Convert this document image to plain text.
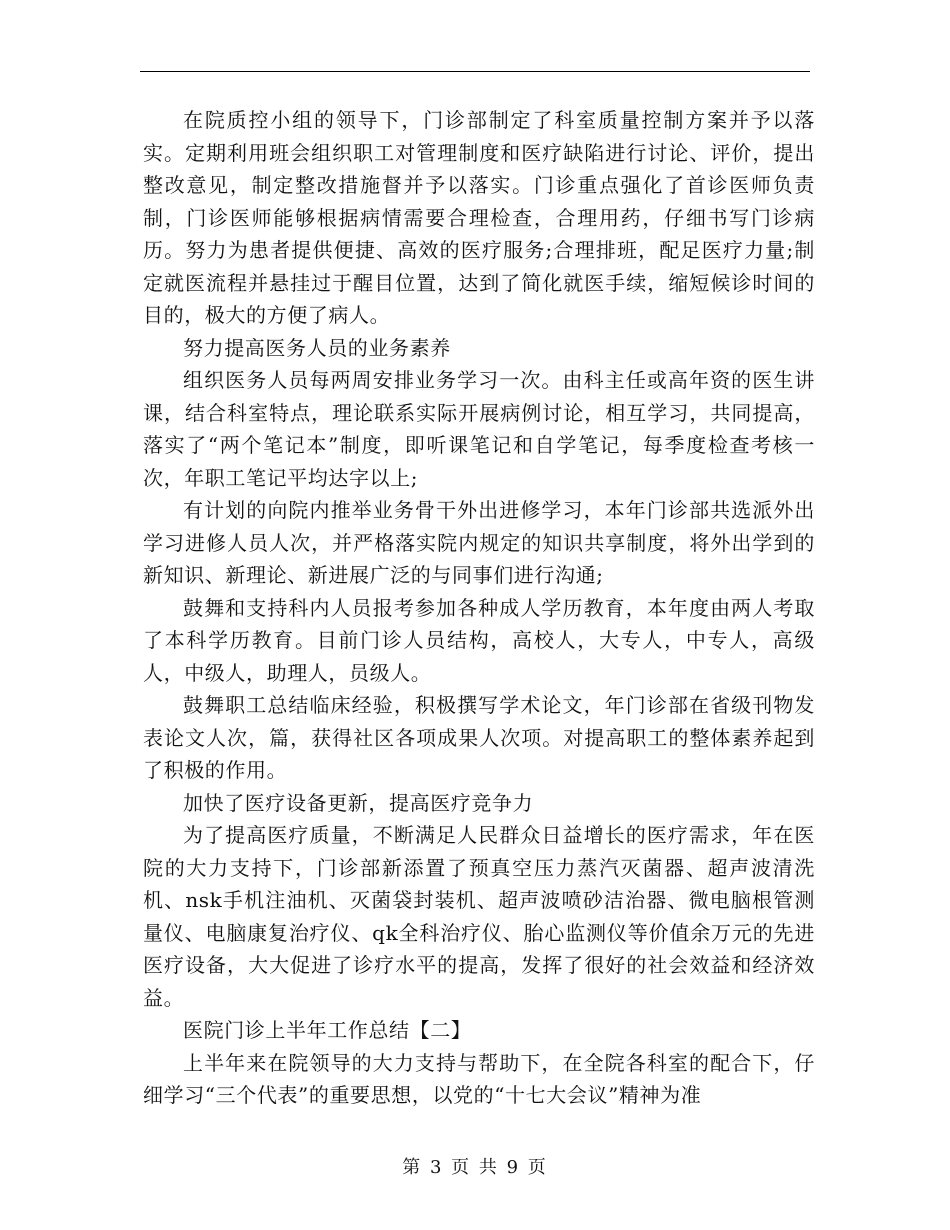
在院质控小组的领导下，门诊部制定了科室质量控制方案并予以落实。定期利用班会组织职工对管理制度和医疗缺陷进行讨论、评价，提出整改意见，制定整改措施督并予以落实。门诊重点强化了首诊医师负责制，门诊医师能够根据病情需要合理检查，合理用药，仔细书写门诊病历。努力为患者提供便捷、高效的医疗服务;合理排班，配足医疗力量;制定就医流程并悬挂过于醒目位置，达到了简化就医手续，缩短候诊时间的目的，极大的方便了病人。

努力提高医务人员的业务素养

组织医务人员每两周安排业务学习一次。由科主任或高年资的医生讲课，结合科室特点，理论联系实际开展病例讨论，相互学习，共同提高，落实了“两个笔记本”制度，即听课笔记和自学笔记，每季度检查考核一次，年职工笔记平均达字以上;

有计划的向院内推举业务骨干外出进修学习，本年门诊部共选派外出学习进修人员人次，并严格落实院内规定的知识共享制度，将外出学到的新知识、新理论、新进展广泛的与同事们进行沟通;

鼓舞和支持科内人员报考参加各种成人学历教育，本年度由两人考取了本科学历教育。目前门诊人员结构，高校人，大专人，中专人，高级人，中级人，助理人，员级人。

鼓舞职工总结临床经验，积极撰写学术论文，年门诊部在省级刊物发表论文人次，篇，获得社区各项成果人次项。对提高职工的整体素养起到了积极的作用。

加快了医疗设备更新，提高医疗竞争力

为了提高医疗质量，不断满足人民群众日益增长的医疗需求，年在医院的大力支持下，门诊部新添置了预真空压力蒸汽灭菌器、超声波清洗机、nsk手机注油机、灭菌袋封装机、超声波喷砂洁治器、微电脑根管测量仪、电脑康复治疗仪、qk全科治疗仪、胎心监测仪等价值余万元的先进医疗设备，大大促进了诊疗水平的提高，发挥了很好的社会效益和经济效益。

医院门诊上半年工作总结【二】

上半年来在院领导的大力支持与帮助下，在全院各科室的配合下，仔细学习“三个代表”的重要思想，以党的“十七大会议”精神为准

第 3 页 共 9 页
